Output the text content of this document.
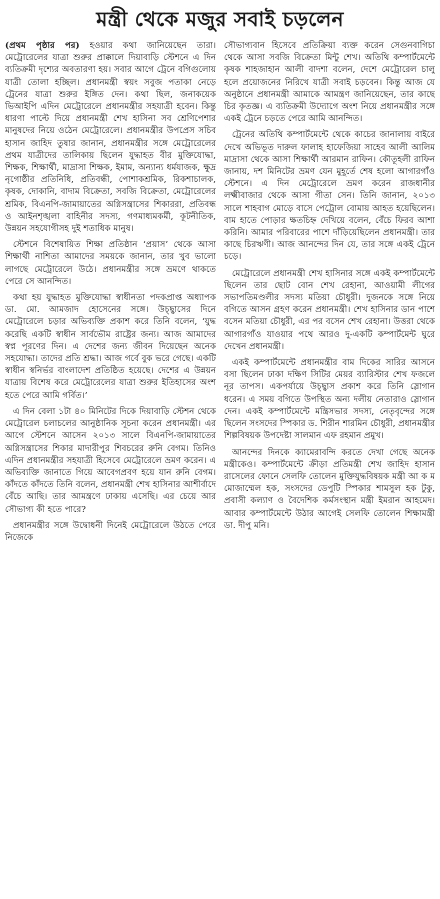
মন্ত্রী থেকে মজুর সবাই চড়লেন

(প্রথম পৃষ্ঠার পর) হওয়ার কথা জানিয়েছেন তারা। মেট্রোরেলের যাত্রা শুরুর প্রাক্কালে দিয়াবাড়ি স্টেশনে এ দিন ব্যতিক্রমী দৃশ্যের অবতারণা হয়। সবার আগে ট্রেনে বগিগুলোয় যাত্রী তোলা হচ্ছিল। প্রধানমন্ত্রী স্বয়ং সবুজ পতাকা নেড়ে ট্রেনের যাত্রা শুরুর ইঙ্গিত দেন। কথা ছিল, জনাকয়েক ভিআইপি এদিন মেট্রোরেলে প্রধানমন্ত্রীর সহযাত্রী হবেন। কিন্তু ধারণা পাল্টে দিয়ে প্রধানমন্ত্রী শেখ হাসিনা সব শ্রেণিপেশার মানুষদের নিয়ে ওঠেন মেট্রোরেলে। প্রধানমন্ত্রীর উপপ্রেস সচিব হাসান জাহিদ তুষার জানান, প্রধানমন্ত্রীর সঙ্গে মেট্রোরেলের প্রথম যাত্রীদের তালিকায় ছিলেন যুদ্ধাহত বীর মুক্তিযোদ্ধা, শিক্ষক, শিক্ষার্থী, মাদ্রাসা শিক্ষক, ইমাম, অন্যান্য ধর্মযাজক, ক্ষুদ্র নৃগোষ্ঠীর প্রতিনিধি, প্রতিবন্ধী, পোশাকশ্রমিক, রিকশাচালক, কৃষক, দোকানি, বাদাম বিক্রেতা, সবজি বিক্রেতা, মেট্রোরেলের শ্রমিক, বিএনপি-জামায়াতের অগ্নিসন্ত্রাসের শিকাররা, প্রতিবন্ধ ও আইনশৃঙ্খলা বাহিনীর সদস্য, গণমাধ্যমকর্মী, কূটনীতিক, উন্নয়ন সহযোগীসহ দুই শতাধিক মানুষ।

স্টেশনে বিশেষায়িত শিক্ষা প্রতিষ্ঠান ‘প্রয়াস’ থেকে আসা শিক্ষার্থী নাশিতা আমাদের সময়কে জানান, তার খুব ভালো লাগছে মেট্রোরেলে উঠে। প্রধানমন্ত্রীর সঙ্গে ভ্রমণে থাকতে পেরে সে আনন্দিত।

কথা হয় যুদ্ধাহত মুক্তিযোদ্ধা স্বাধীনতা পদকপ্রাপ্ত অধ্যাপক ডা. মো. আমজাদ হোসেনের সঙ্গে। উচ্ছ্বাসের দিনে মেট্রোরেলে চড়ার অভিব্যক্তি প্রকাশ করে তিনি বলেন, ‘যুদ্ধ করেছি একটি স্বাধীন সার্বভৌম রাষ্ট্রের জন্য। আজ আমাদের স্বপ্ন পূরণের দিন। এ দেশের জন্য জীবন দিয়েছেন অনেক সহযোদ্ধা। তাদের প্রতি শ্রদ্ধা। আজ গর্বে বুক ভরে গেছে। একটি স্বাধীন স্বনির্ভর বাংলাদেশ প্রতিষ্ঠিত হয়েছে। দেশের এ উন্নয়ন যাত্রায় বিশেষ করে মেট্রোরেলের যাত্রা শুরুর ইতিহাসের অংশ হতে পেরে আমি গর্বিত।’

এ দিন বেলা ১টা ৪০ মিনিটের দিকে দিয়াবাড়ি স্টেশন থেকে মেট্রোরেল চলাচলের আনুষ্ঠানিক সূচনা করেন প্রধানমন্ত্রী। এর আগে স্টেশনে আসেন ২০১৩ সালে বিএনপি-জামায়াতের অগ্নিসন্ত্রাসের শিকার মাদারীপুর শিবচরের রুনি বেগম। তিনিও এদিন প্রধানমন্ত্রীর সহযাত্রী হিসেবে মেট্রোরেলে ভ্রমণ করেন। এ অভিব্যক্তি জানাতে গিয়ে আবেগপ্রবণ হয়ে যান রুনি বেগম। কাঁদতে কাঁদতে তিনি বলেন, প্রধানমন্ত্রী শেখ হাসিনার আশীর্বাদে বেঁচে আছি। তার আমন্ত্রণে ঢাকায় এসেছি। এর চেয়ে আর সৌভাগ্য কী হতে পারে?

প্রধানমন্ত্রীর সঙ্গে উদ্বোধনী দিনেই মেট্রোরেলে উঠতে পেরে নিজেকে

সৌভাগ্যবান হিসেবে প্রতিক্রিয়া ব্যক্ত করেন সেগুনবাগিচা থেকে আসা সবজি বিক্রেতা মিন্টু শেখ। অতিথি কম্পার্টমেন্টে কৃষক শাহজাহান আলী বাদশা বলেন, দেশে মেট্রোরেল চালু হলে প্রয়োজনের নিরিখে যাত্রী সবাই চড়বেন। কিন্তু আজ যে অনুষ্ঠানে প্রধানমন্ত্রী আমাকে আমন্ত্রণ জানিয়েছেন, তার কাছে চির কৃতজ্ঞ। এ ব্যতিক্রমী উদ্যোগে অংশ নিয়ে প্রধানমন্ত্রীর সঙ্গে একই ট্রেনে চড়তে পেরে আমি আনন্দিত।

ট্রেনের অতিথি কম্পার্টমেন্টে থেকে কাচের জানালায় বাইরে দেখে অভিভূত দারুল ফালাহ হাফেজিয়া সাহেব আলী আলিম মাদ্রাসা থেকে আসা শিক্ষার্থী আরমান রাফিন। কৌতূহলী রাফিন জানায়, দশ মিনিটের ভ্রমণ যেন মুহূর্তে শেষ হলো আগারগাঁও স্টেশনে। এ দিন মেট্রোরেলে ভ্রমণ করেন রাজধানীর লক্ষ্মীবাজার থেকে আসা গীতা সেন। তিনি জানান, ২০১৩ সালে শাহবাগ মোড়ে বাসে পেট্রোল বোমায় আহত হয়েছিলেন। বাম হাতে পোড়ার ক্ষতচিহ্ন দেখিয়ে বলেন, বেঁচে ফিরব আশা করিনি। আমার পরিবারের পাশে দাঁড়িয়েছিলেন প্রধানমন্ত্রী। তার কাছে চিরঋণী। আজ আনন্দের দিন যে, তার সঙ্গে একই ট্রেনে চড়ে।

মেট্রোরেলে প্রধানমন্ত্রী শেখ হাসিনার সঙ্গে একই কম্পার্টমেন্টে ছিলেন তার ছোট বোন শেখ রেহানা, আওয়ামী লীগের সভাপতিমণ্ডলীর সদস্য মতিয়া চৌধুরী। দুজনকে সঙ্গে নিয়ে বগিতে আসন গ্রহণ করেন প্রধানমন্ত্রী। শেখ হাসিনার ডান পাশে বসেন মতিয়া চৌধুরী, এর পর বসেন শেখ রেহানা। উত্তরা থেকে আগারগাঁও যাওয়ার পথে আরও দু-একটি কম্পার্টমেন্ট ঘুরে দেখেন প্রধানমন্ত্রী।

একই কম্পার্টমেন্টে প্রধানমন্ত্রীর বাম দিকের সারির আসনে বসা ছিলেন ঢাকা দক্ষিণ সিটির মেয়র ব্যারিস্টার শেখ ফজলে নূর তাপস। একপর্যায়ে উচ্ছ্বাস প্রকাশ করে তিনি স্লোগান ধরেন। এ সময় বগিতে উপস্থিত অন্য দলীয় নেতারাও স্লোগান দেন। একই কম্পার্টমেন্টে মন্ত্রিসভার সদস্য, নেতৃবৃন্দের সঙ্গে ছিলেন সংসদের স্পিকার ড. শিরীন শারমিন চৌধুরী, প্রধানমন্ত্রীর শিল্পবিষয়ক উপদেষ্টা সালমান এফ রহমান প্রমুখ।

আনন্দের দিনকে ক্যামেরাবন্দি করতে দেখা গেছে অনেক মন্ত্রীকেও। কম্পার্টমেন্টে ক্রীড়া প্রতিমন্ত্রী শেখ জাহিদ হাসান রাসেলের ফোনে সেলফি তোলেন মুক্তিযুদ্ধবিষয়ক মন্ত্রী আ ক ম মোজাম্মেল হক, সংসদের ডেপুটি স্পিকার শামসুল হক টুকু, প্রবাসী কল্যাণ ও বৈদেশিক কর্মসংস্থান মন্ত্রী ইমরান আহমেদ। আবার কম্পার্টমেন্টে উঠার আগেই সেলফি তোলেন শিক্ষামন্ত্রী ডা. দীপু মনি।
